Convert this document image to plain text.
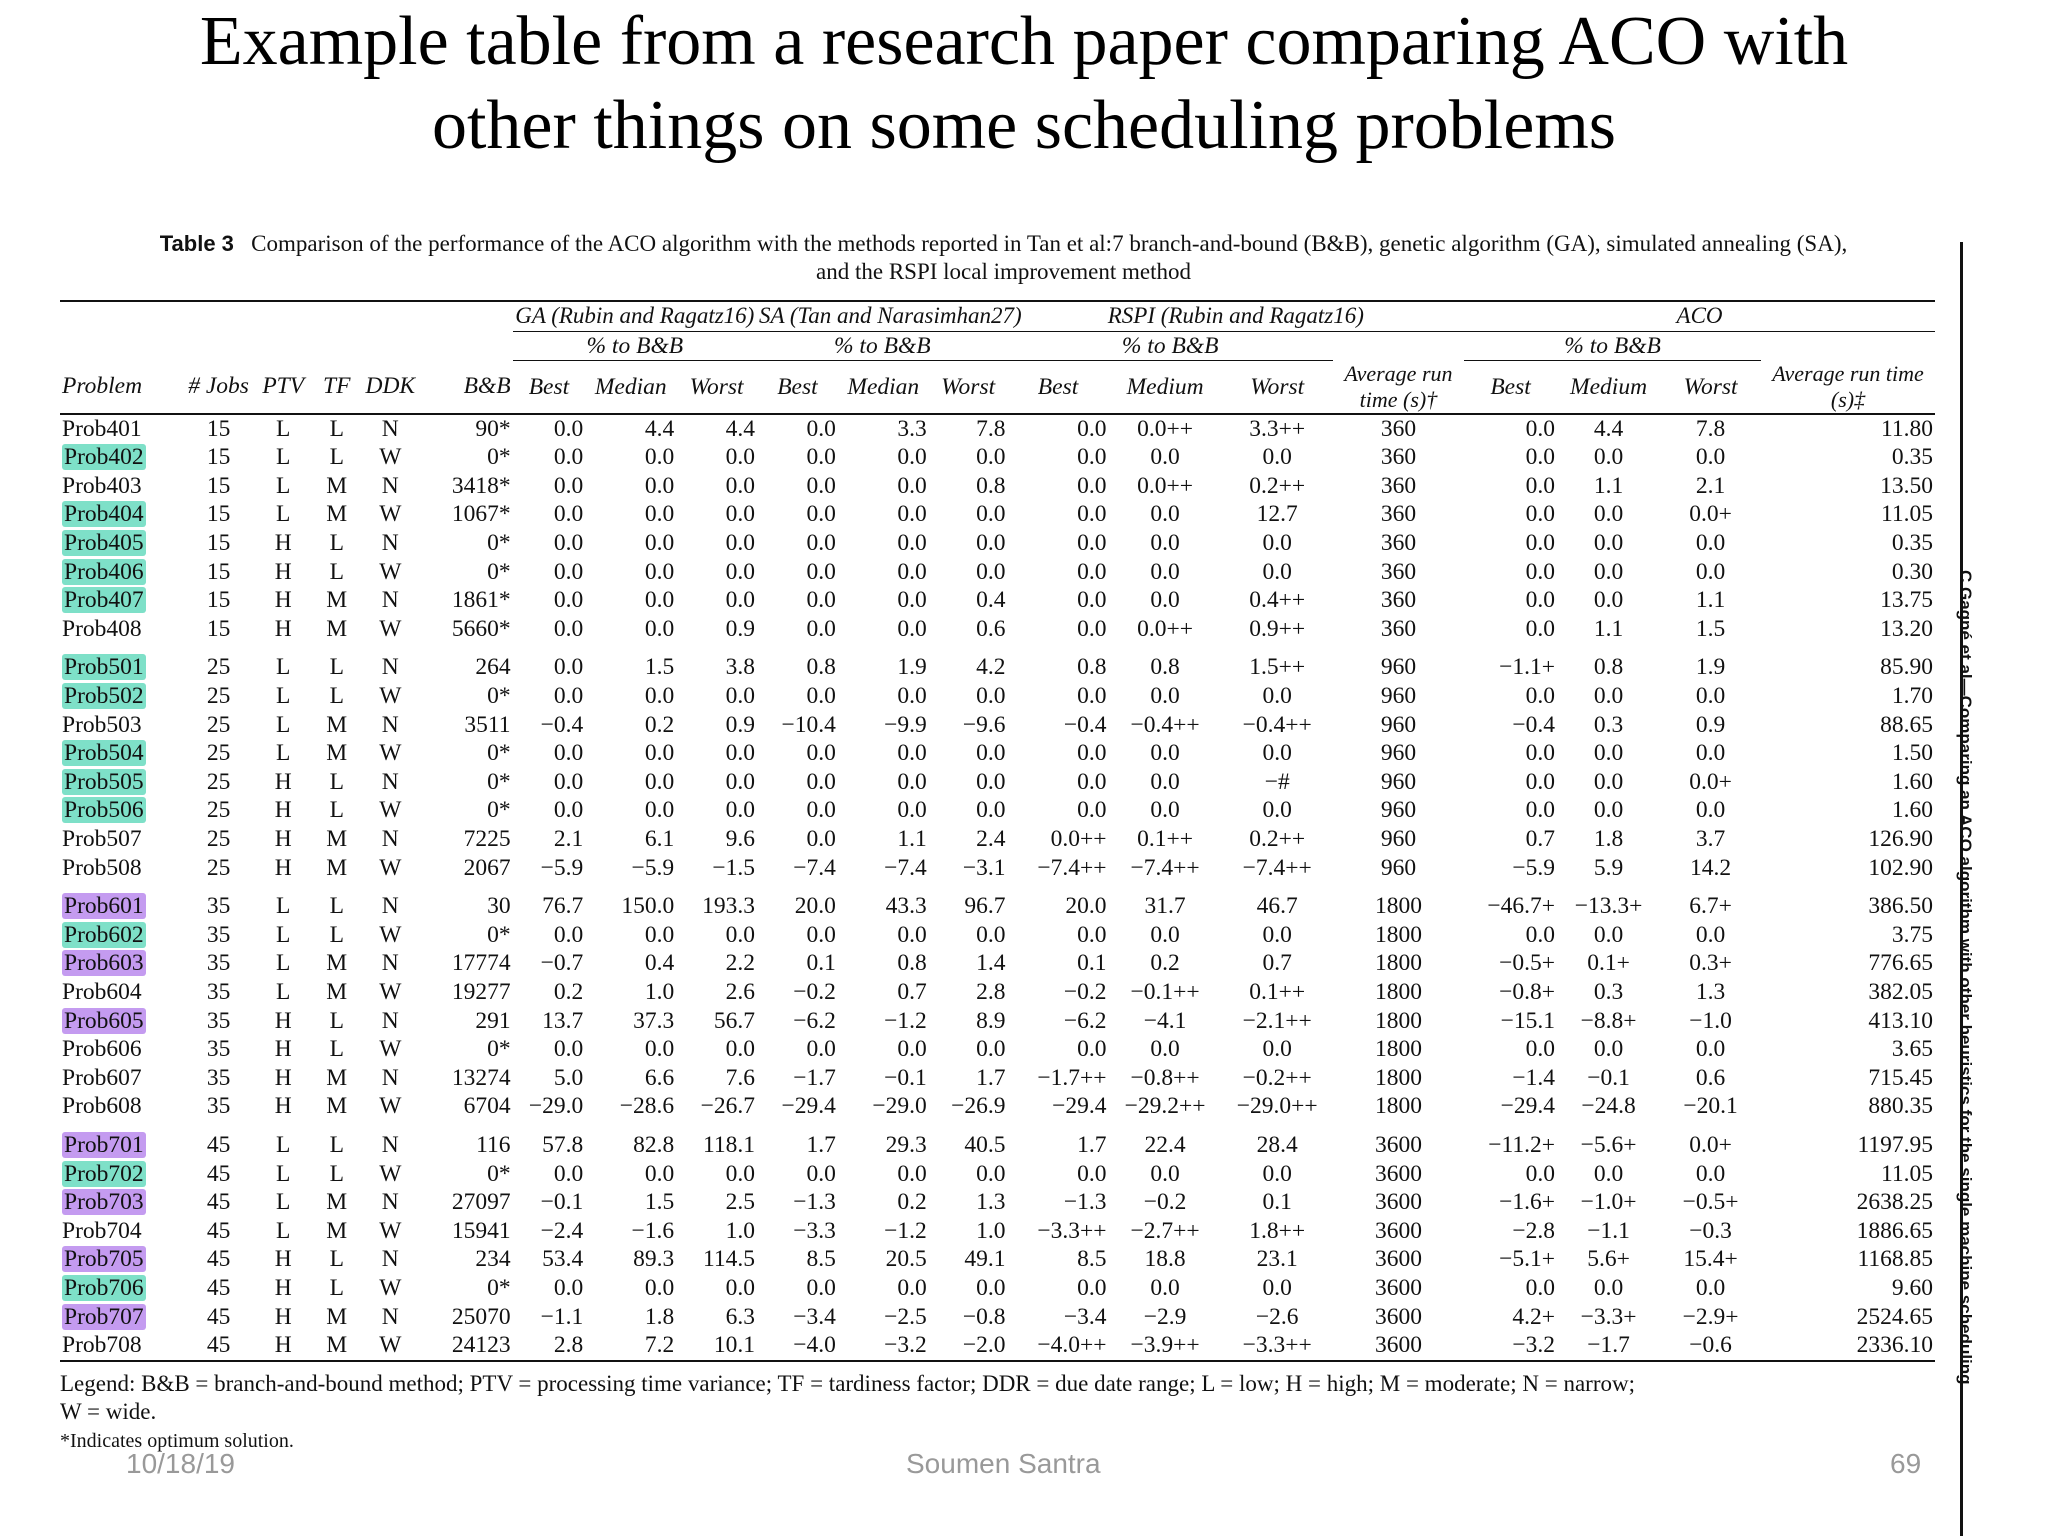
Example table from a research paper comparing ACO with
other things on some scheduling problems
C Gagné et al—Comparing an ACO algorithm with other heuristics for the single machine scheduling
Table 3 Comparison of the performance of the ACO algorithm with the methods reported in Tan et al:7 branch-and-bound (B&B), genetic algorithm (GA), simulated annealing (SA),
and the RSPI local improvement method
						GA (Rubin and Ragatz16)			SA (Tan and Narasimhan27)			RSPI (Rubin and Ragatz16)				ACO			
						% to B&B			% to B&B			% to B&B				% to B&B			
Problem	# Jobs	PTV	TF	DDK	B&B	Best	Median	Worst	Best	Median	Worst	Best	Medium	Worst	Average run time (s)†	Best	Medium	Worst	Average run time (s)‡
Prob401	15	L	L	N	90*	0.0	4.4	4.4	0.0	3.3	7.8	0.0	0.0++	3.3++	360	0.0	4.4	7.8	11.80
Prob402	15	L	L	W	0*	0.0	0.0	0.0	0.0	0.0	0.0	0.0	0.0	0.0	360	0.0	0.0	0.0	0.35
Prob403	15	L	M	N	3418*	0.0	0.0	0.0	0.0	0.0	0.8	0.0	0.0++	0.2++	360	0.0	1.1	2.1	13.50
Prob404	15	L	M	W	1067*	0.0	0.0	0.0	0.0	0.0	0.0	0.0	0.0	12.7	360	0.0	0.0	0.0+	11.05
Prob405	15	H	L	N	0*	0.0	0.0	0.0	0.0	0.0	0.0	0.0	0.0	0.0	360	0.0	0.0	0.0	0.35
Prob406	15	H	L	W	0*	0.0	0.0	0.0	0.0	0.0	0.0	0.0	0.0	0.0	360	0.0	0.0	0.0	0.30
Prob407	15	H	M	N	1861*	0.0	0.0	0.0	0.0	0.0	0.4	0.0	0.0	0.4++	360	0.0	0.0	1.1	13.75
Prob408	15	H	M	W	5660*	0.0	0.0	0.9	0.0	0.0	0.6	0.0	0.0++	0.9++	360	0.0	1.1	1.5	13.20
Prob501	25	L	L	N	264	0.0	1.5	3.8	0.8	1.9	4.2	0.8	0.8	1.5++	960	−1.1+	0.8	1.9	85.90
Prob502	25	L	L	W	0*	0.0	0.0	0.0	0.0	0.0	0.0	0.0	0.0	0.0	960	0.0	0.0	0.0	1.70
Prob503	25	L	M	N	3511	−0.4	0.2	0.9	−10.4	−9.9	−9.6	−0.4	−0.4++	−0.4++	960	−0.4	0.3	0.9	88.65
Prob504	25	L	M	W	0*	0.0	0.0	0.0	0.0	0.0	0.0	0.0	0.0	0.0	960	0.0	0.0	0.0	1.50
Prob505	25	H	L	N	0*	0.0	0.0	0.0	0.0	0.0	0.0	0.0	0.0	−#	960	0.0	0.0	0.0+	1.60
Prob506	25	H	L	W	0*	0.0	0.0	0.0	0.0	0.0	0.0	0.0	0.0	0.0	960	0.0	0.0	0.0	1.60
Prob507	25	H	M	N	7225	2.1	6.1	9.6	0.0	1.1	2.4	0.0++	0.1++	0.2++	960	0.7	1.8	3.7	126.90
Prob508	25	H	M	W	2067	−5.9	−5.9	−1.5	−7.4	−7.4	−3.1	−7.4++	−7.4++	−7.4++	960	−5.9	5.9	14.2	102.90
Prob601	35	L	L	N	30	76.7	150.0	193.3	20.0	43.3	96.7	20.0	31.7	46.7	1800	−46.7+	−13.3+	6.7+	386.50
Prob602	35	L	L	W	0*	0.0	0.0	0.0	0.0	0.0	0.0	0.0	0.0	0.0	1800	0.0	0.0	0.0	3.75
Prob603	35	L	M	N	17774	−0.7	0.4	2.2	0.1	0.8	1.4	0.1	0.2	0.7	1800	−0.5+	0.1+	0.3+	776.65
Prob604	35	L	M	W	19277	0.2	1.0	2.6	−0.2	0.7	2.8	−0.2	−0.1++	0.1++	1800	−0.8+	0.3	1.3	382.05
Prob605	35	H	L	N	291	13.7	37.3	56.7	−6.2	−1.2	8.9	−6.2	−4.1	−2.1++	1800	−15.1	−8.8+	−1.0	413.10
Prob606	35	H	L	W	0*	0.0	0.0	0.0	0.0	0.0	0.0	0.0	0.0	0.0	1800	0.0	0.0	0.0	3.65
Prob607	35	H	M	N	13274	5.0	6.6	7.6	−1.7	−0.1	1.7	−1.7++	−0.8++	−0.2++	1800	−1.4	−0.1	0.6	715.45
Prob608	35	H	M	W	6704	−29.0	−28.6	−26.7	−29.4	−29.0	−26.9	−29.4	−29.2++	−29.0++	1800	−29.4	−24.8	−20.1	880.35
Prob701	45	L	L	N	116	57.8	82.8	118.1	1.7	29.3	40.5	1.7	22.4	28.4	3600	−11.2+	−5.6+	0.0+	1197.95
Prob702	45	L	L	W	0*	0.0	0.0	0.0	0.0	0.0	0.0	0.0	0.0	0.0	3600	0.0	0.0	0.0	11.05
Prob703	45	L	M	N	27097	−0.1	1.5	2.5	−1.3	0.2	1.3	−1.3	−0.2	0.1	3600	−1.6+	−1.0+	−0.5+	2638.25
Prob704	45	L	M	W	15941	−2.4	−1.6	1.0	−3.3	−1.2	1.0	−3.3++	−2.7++	1.8++	3600	−2.8	−1.1	−0.3	1886.65
Prob705	45	H	L	N	234	53.4	89.3	114.5	8.5	20.5	49.1	8.5	18.8	23.1	3600	−5.1+	5.6+	15.4+	1168.85
Prob706	45	H	L	W	0*	0.0	0.0	0.0	0.0	0.0	0.0	0.0	0.0	0.0	3600	0.0	0.0	0.0	9.60
Prob707	45	H	M	N	25070	−1.1	1.8	6.3	−3.4	−2.5	−0.8	−3.4	−2.9	−2.6	3600	4.2+	−3.3+	−2.9+	2524.65
Prob708	45	H	M	W	24123	2.8	7.2	10.1	−4.0	−3.2	−2.0	−4.0++	−3.9++	−3.3++	3600	−3.2	−1.7	−0.6	2336.10
Legend: B&B = branch-and-bound method; PTV = processing time variance; TF = tardiness factor; DDR = due date range; L = low; H = high; M = moderate; N = narrow;
W = wide.
*Indicates optimum solution.
10/18/19	Soumen Santra	69
